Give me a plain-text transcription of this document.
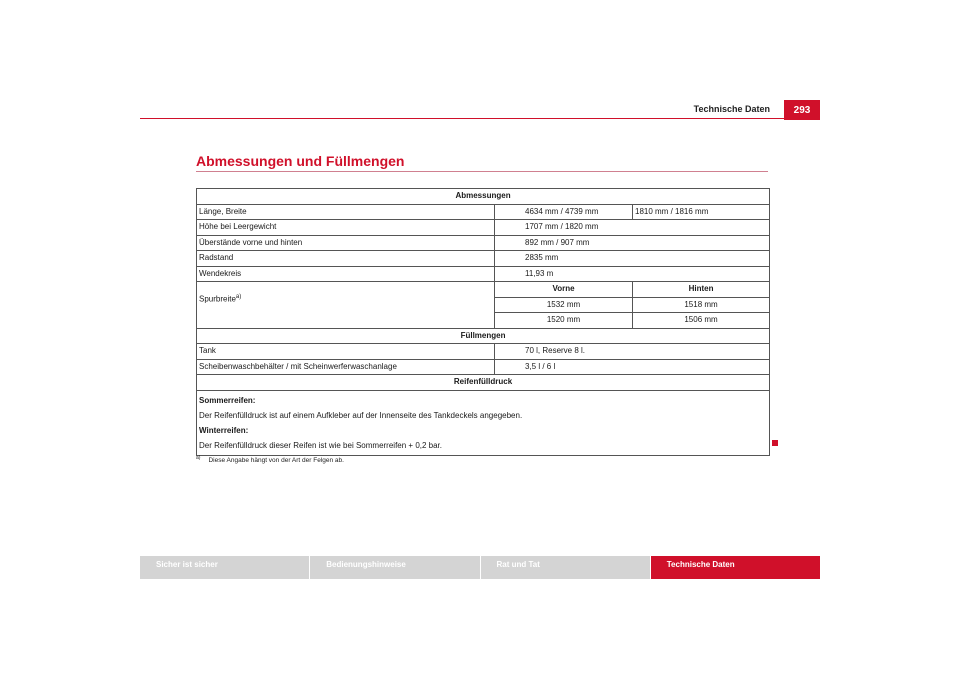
Technische Daten	293
Abmessungen und Füllmengen
Abmessungen		
Länge, Breite	4634 mm / 4739 mm	1810 mm / 1816 mm
Höhe bei Leergewicht	1707 mm / 1820 mm	
Überstände vorne und hinten	892 mm / 907 mm	
Radstand	2835 mm	
Wendekreis	11,93 m	
Spurbreite$^{a)}$	Vorne	Hinten
	1532 mm	1518 mm
	1520 mm	1506 mm
Füllmengen		
Tank	70 l, Reserve 8 l.	
Scheibenwaschbehälter / mit Scheinwerferwaschanlage	3,5 l / 6 l	
Reifenfülldruck		

Sommerreifen:

Der Reifenfülldruck ist auf einem Aufkleber auf der Innenseite des Tankdeckels angegeben.

Winterreifen:

Der Reifenfülldruck dieser Reifen ist wie bei Sommerreifen + 0,2 bar.		

$^{a)}$ Diese Angabe hängt von der Art der Felgen ab.
Sicher ist sicher	Bedienungshinweise	Rat und Tat	Technische Daten
